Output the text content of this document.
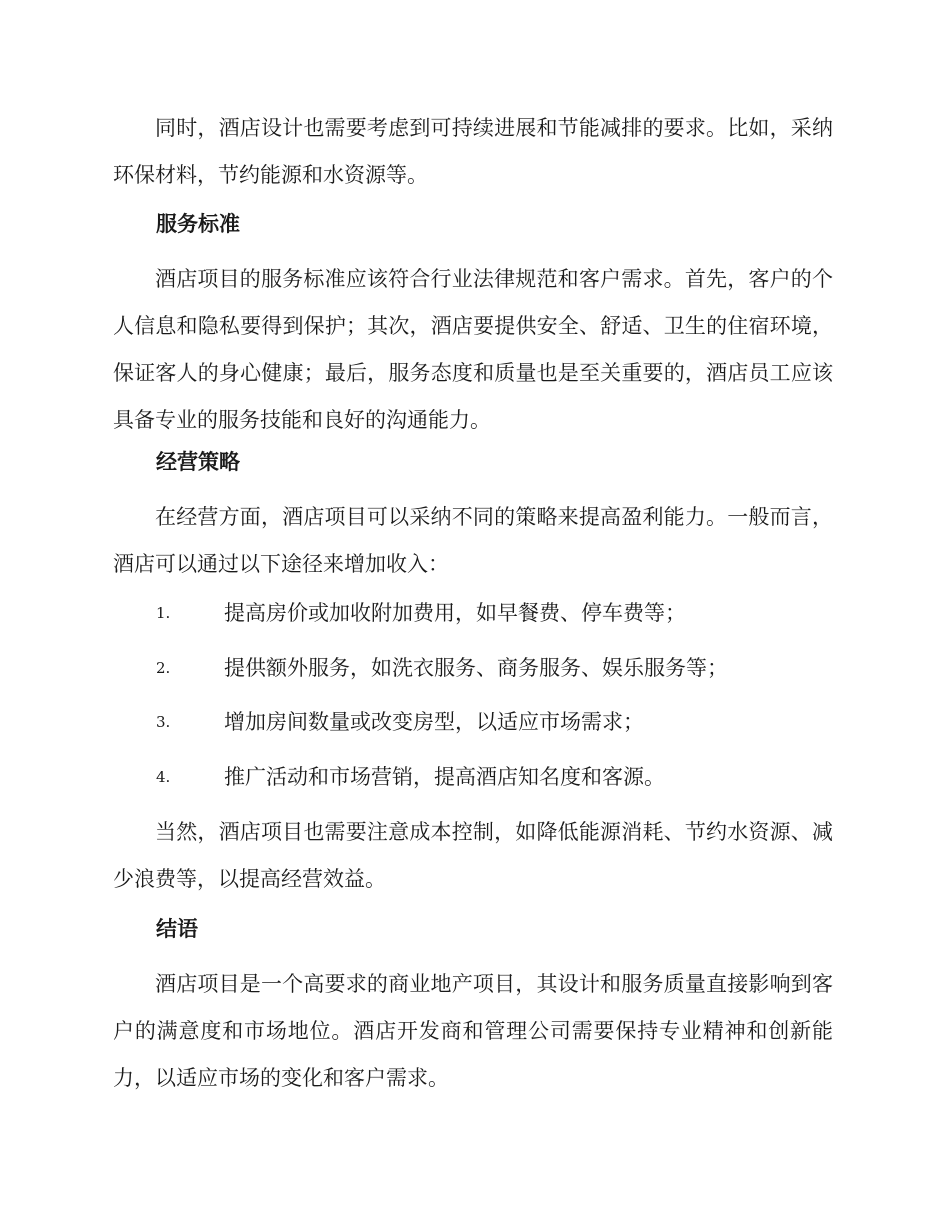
同时，酒店设计也需要考虑到可持续进展和节能减排的要求。比如，采纳环保材料，节约能源和水资源等。

服务标准

酒店项目的服务标准应该符合行业法律规范和客户需求。首先，客户的个人信息和隐私要得到保护；其次，酒店要提供安全、舒适、卫生的住宿环境，保证客人的身心健康；最后，服务态度和质量也是至关重要的，酒店员工应该具备专业的服务技能和良好的沟通能力。

经营策略

在经营方面，酒店项目可以采纳不同的策略来提高盈利能力。一般而言，酒店可以通过以下途径来增加收入：

1.	提高房价或加收附加费用，如早餐费、停车费等；
2.	提供额外服务，如洗衣服务、商务服务、娱乐服务等；
3.	增加房间数量或改变房型，以适应市场需求；
4.	推广活动和市场营销，提高酒店知名度和客源。

当然，酒店项目也需要注意成本控制，如降低能源消耗、节约水资源、减少浪费等，以提高经营效益。

结语

酒店项目是一个高要求的商业地产项目，其设计和服务质量直接影响到客户的满意度和市场地位。酒店开发商和管理公司需要保持专业精神和创新能力，以适应市场的变化和客户需求。
